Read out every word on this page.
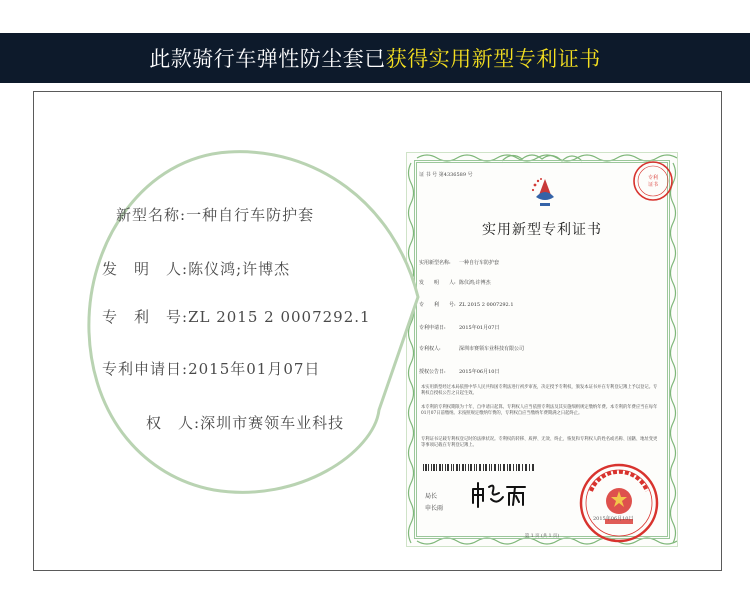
此款骑行车弹性防尘套已 获得实用新型专利证书
证 书 号 第4336589 号	专利
证书
实用新型专利证书
实用新型名称: 一种自行车防护套
发　　明　　人: 陈仪鸿;许博杰
专　　利　　号: ZL 2015 2 0007292.1
专利申请日:	2015年01月07日
专利权人:	深圳市赛领车业科技有限公司
授权公告日:	2015年06月10日
本实用新型经过本局依照中华人民共和国专利法进行初步审查，决定授予专利权，颁发本证书并在专利登记簿上予以登记。专利权自授权公告之日起生效。
本专利的专利权期限为十年，自申请日起算。专利权人应当依照专利法及其实施细则规定缴纳年费。本专利的年费应当在每年01月07日前缴纳。未按照规定缴纳年费的，专利权自应当缴纳年费期满之日起终止。
专利证书记载专利权登记时的法律状况。专利权的转移、质押、无效、终止、恢复和专利权人的姓名或名称、国籍、地址变更等事项记载在专利登记簿上。
局长
申长雨
2015年06月10日
第 1 页 (共 1 页)
新型名称:一种自行车防护套
发　明　人:陈仪鸿;许博杰
专　利　号:ZL 2015 2 0007292.1
专利申请日:2015年01月07日
权　人:深圳市赛领车业科技
